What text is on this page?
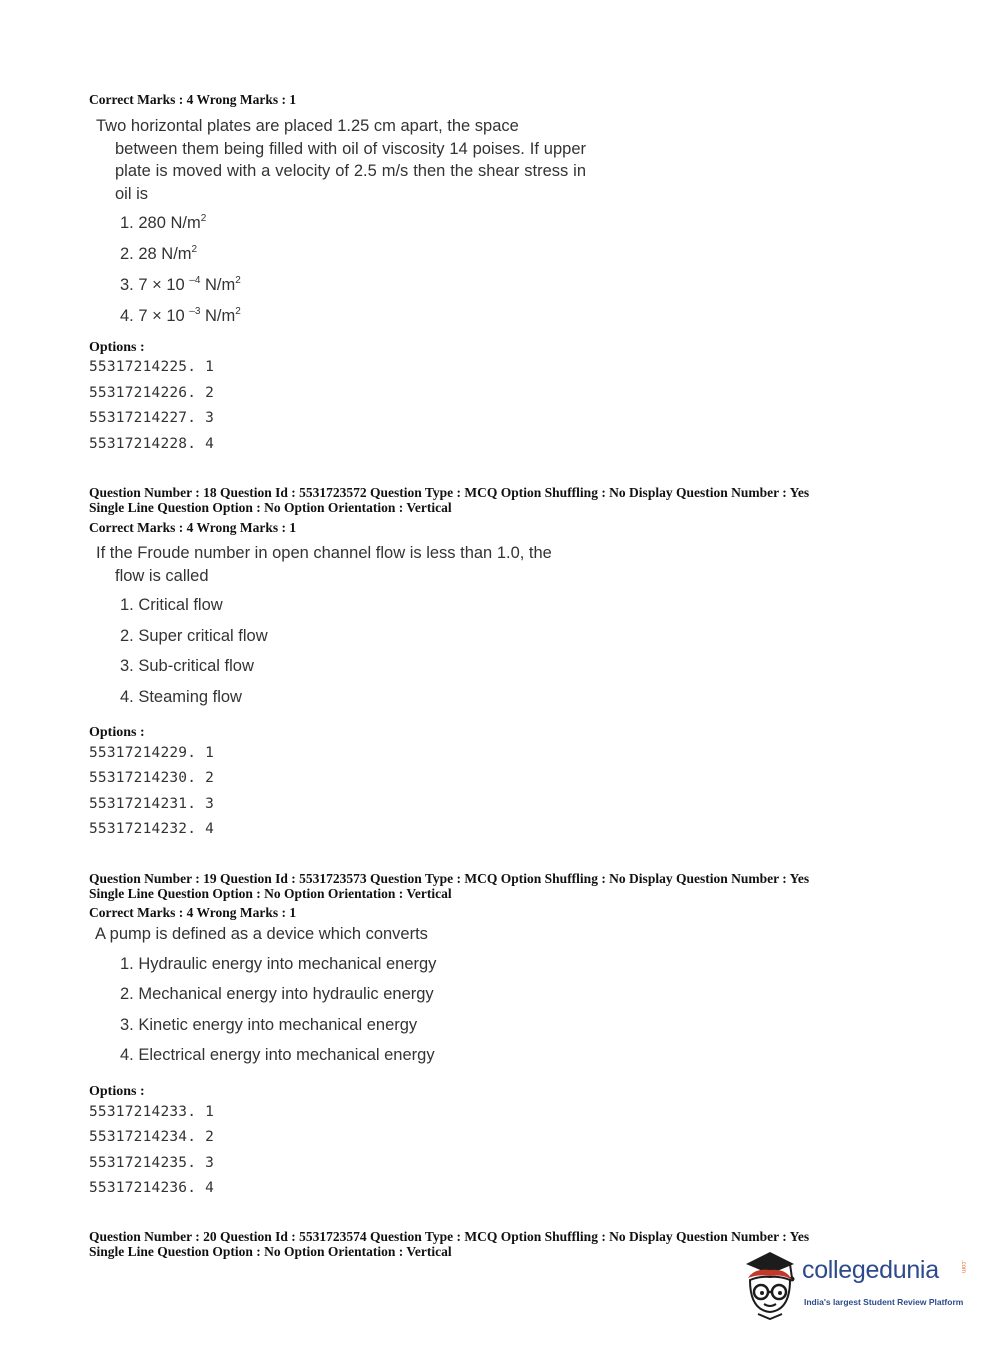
Correct Marks : 4 Wrong Marks : 1
Two horizontal plates are placed 1.25 cm apart, the space
between them being filled with oil of viscosity 14 poises. If upper plate is moved with a velocity of 2.5 m/s then the shear stress in oil is
1. 280 $N/m^2$
2. 28 $N/m^2$
3. 7 × 10 $^{-4}$ $N/m^2$
4. 7 × 10 $^{-3}$ $N/m^2$
Options :
55317214225. 1
55317214226. 2
55317214227. 3
55317214228. 4
Question Number : 18 Question Id : 5531723572 Question Type : MCQ Option Shuffling : No Display Question Number : Yes
Single Line Question Option : No Option Orientation : Vertical
Correct Marks : 4 Wrong Marks : 1
If the Froude number in open channel flow is less than 1.0, the
flow is called
1. Critical flow
2. Super critical flow
3. Sub-critical flow
4. Steaming flow
Options :
55317214229. 1
55317214230. 2
55317214231. 3
55317214232. 4
Question Number : 19 Question Id : 5531723573 Question Type : MCQ Option Shuffling : No Display Question Number : Yes
Single Line Question Option : No Option Orientation : Vertical
Correct Marks : 4 Wrong Marks : 1
A pump is defined as a device which converts
1. Hydraulic energy into mechanical energy
2. Mechanical energy into hydraulic energy
3. Kinetic energy into mechanical energy
4. Electrical energy into mechanical energy
Options :
55317214233. 1
55317214234. 2
55317214235. 3
55317214236. 4
Question Number : 20 Question Id : 5531723574 Question Type : MCQ Option Shuffling : No Display Question Number : Yes
Single Line Question Option : No Option Orientation : Vertical
collegedunia	.com
India's largest Student Review Platform
